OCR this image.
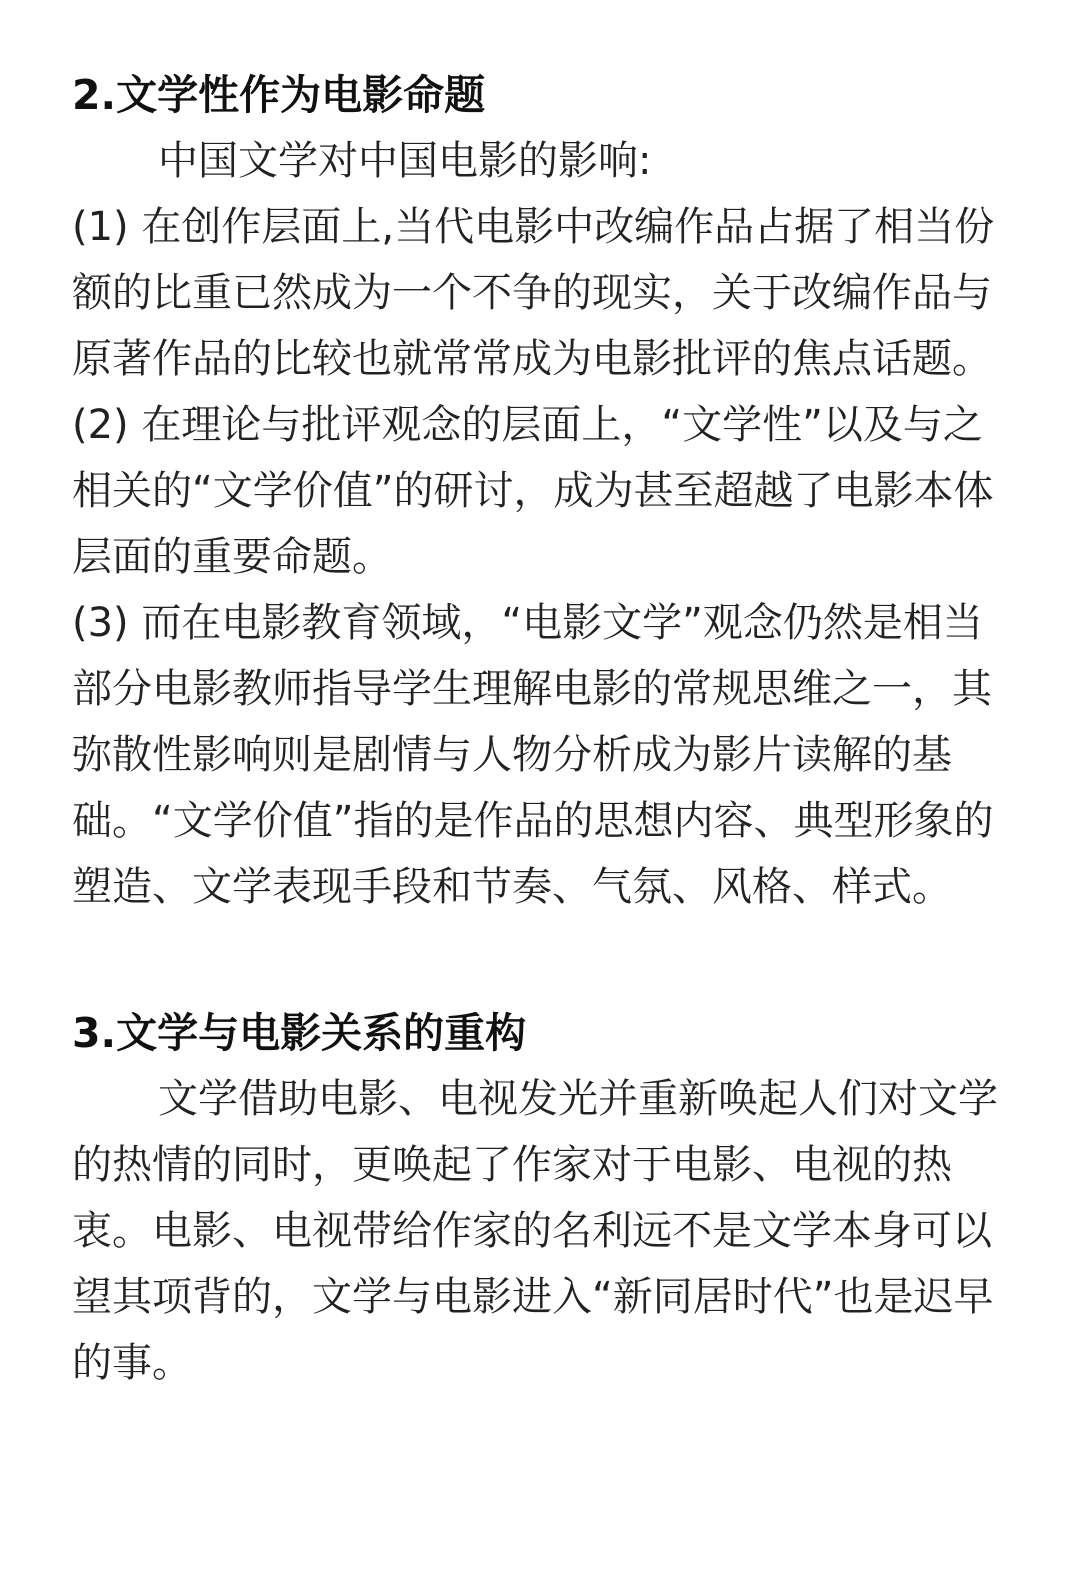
2.文学性作为电影命题

中国文学对中国电影的影响:

(1) 在创作层面上,当代电影中改编作品占据了相当份额的比重已然成为一个不争的现实，关于改编作品与原著作品的比较也就常常成为电影批评的焦点话题。

(2) 在理论与批评观念的层面上，“文学性”以及与之相关的“文学价值”的研讨，成为甚至超越了电影本体层面的重要命题。

(3) 而在电影教育领域，“电影文学”观念仍然是相当部分电影教师指导学生理解电影的常规思维之一，其弥散性影响则是剧情与人物分析成为影片读解的基础。“文学价值”指的是作品的思想内容、典型形象的塑造、文学表现手段和节奏、气氛、风格、样式。

3.文学与电影关系的重构

文学借助电影、电视发光并重新唤起人们对文学的热情的同时，更唤起了作家对于电影、电视的热衷。电影、电视带给作家的名利远不是文学本身可以望其项背的，文学与电影进入“新同居时代”也是迟早的事。
